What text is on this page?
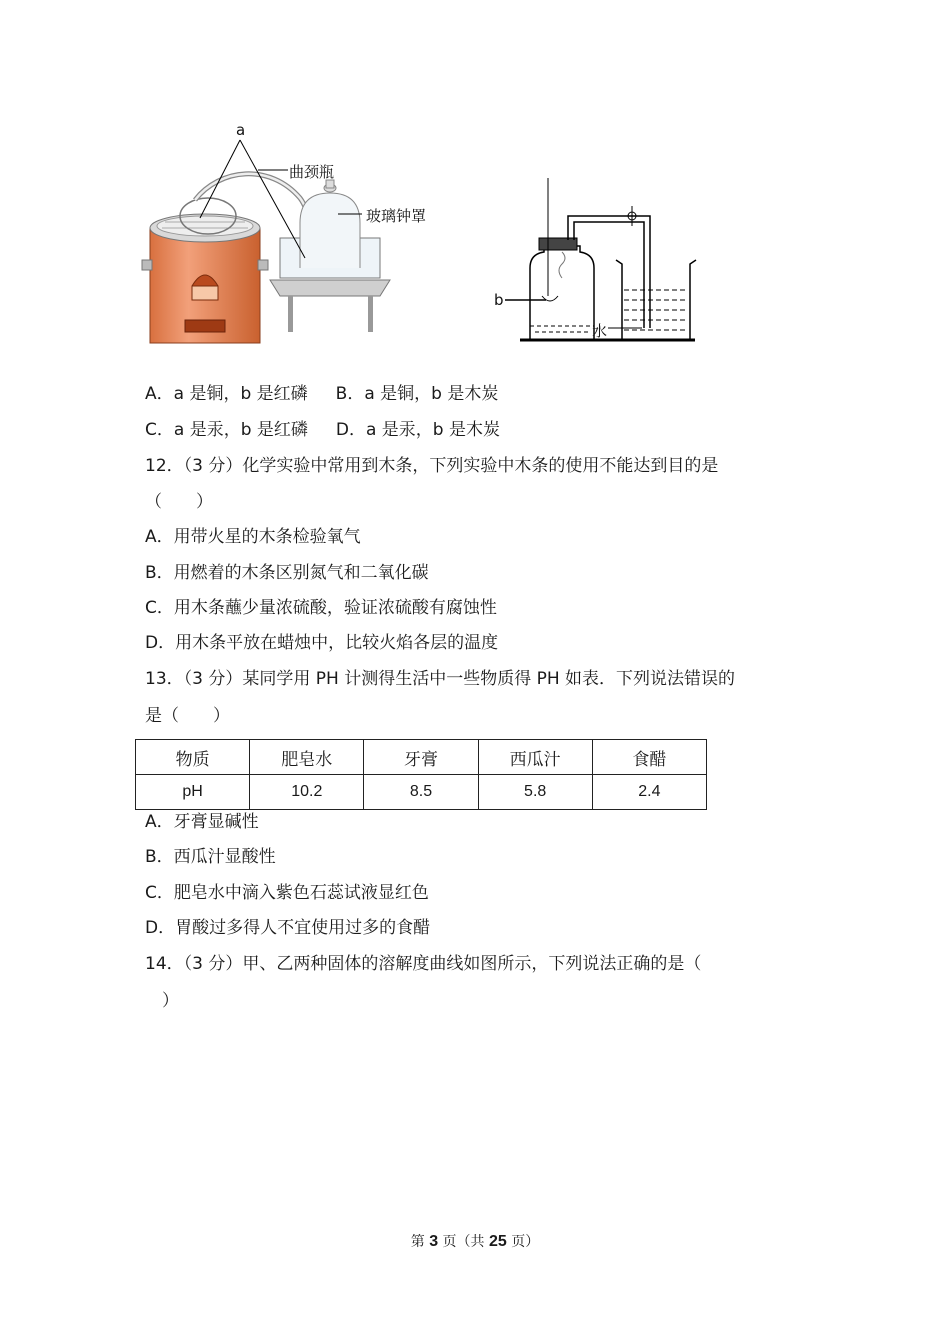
a
曲颈瓶
玻璃钟罩
b
水
A．a 是铜，b 是红磷 B．a 是铜，b 是木炭
C．a 是汞，b 是红磷 D．a 是汞，b 是木炭
12．（3 分）化学实验中常用到木条，下列实验中木条的使用不能达到目的是
（　　）
A．用带火星的木条检验氧气
B．用燃着的木条区别氮气和二氧化碳
C．用木条蘸少量浓硫酸，验证浓硫酸有腐蚀性
D．用木条平放在蜡烛中，比较火焰各层的温度
13．（3 分）某同学用 PH 计测得生活中一些物质得 PH 如表．下列说法错误的
是（　　）
物质	肥皂水	牙膏	西瓜汁	食醋
pH	10.2	8.5	5.8	2.4
A．牙膏显碱性
B．西瓜汁显酸性
C．肥皂水中滴入紫色石蕊试液显红色
D．胃酸过多得人不宜使用过多的食醋
14．（3 分）甲、乙两种固体的溶解度曲线如图所示，下列说法正确的是（
）
第 3 页（共 25 页）
